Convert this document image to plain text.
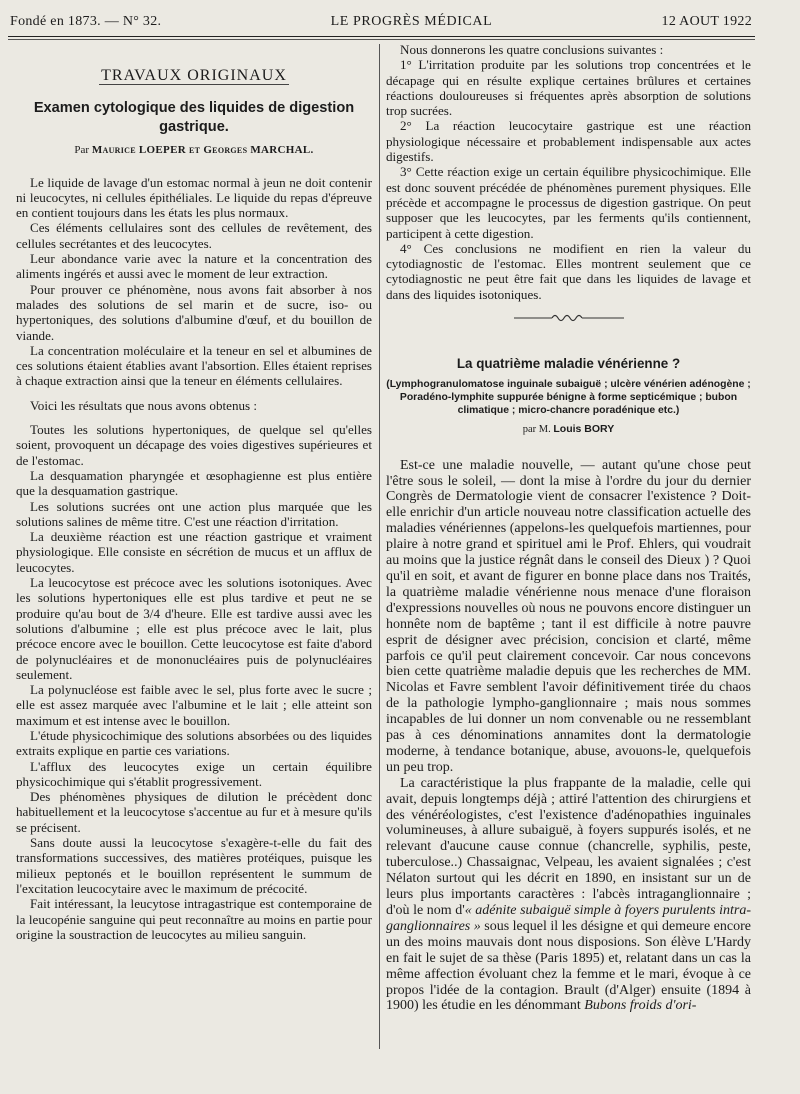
Fondé en 1873. — N° 32.	LE PROGRÈS MÉDICAL	12 AOUT 1922
TRAVAUX ORIGINAUX
Examen cytologique des liquides de digestion gastrique.
Par Maurice LOEPER et Georges MARCHAL.

Le liquide de lavage d'un estomac normal à jeun ne doit contenir ni leucocytes, ni cellules épithéliales. Le liquide du repas d'épreuve en contient toujours dans les états les plus normaux.

Ces éléments cellulaires sont des cellules de revêtement, des cellules secrétantes et des leucocytes.

Leur abondance varie avec la nature et la concentration des aliments ingérés et aussi avec le moment de leur extraction.

Pour prouver ce phénomène, nous avons fait absorber à nos malades des solutions de sel marin et de sucre, iso- ou hypertoniques, des solutions d'albumine d'œuf, et du bouillon de viande.

La concentration moléculaire et la teneur en sel et albumines de ces solutions étaient établies avant l'absortion. Elles étaient reprises à chaque extraction ainsi que la teneur en éléments cellulaires.

Voici les résultats que nous avons obtenus :

Toutes les solutions hypertoniques, de quelque sel qu'elles soient, provoquent un décapage des voies digestives supérieures et de l'estomac.

La desquamation pharyngée et œsophagienne est plus entière que la desquamation gastrique.

Les solutions sucrées ont une action plus marquée que les solutions salines de même titre. C'est une réaction d'irritation.

La deuxième réaction est une réaction gastrique et vraiment physiologique. Elle consiste en sécrétion de mucus et un afflux de leucocytes.

La leucocytose est précoce avec les solutions isotoniques. Avec les solutions hypertoniques elle est plus tardive et peut ne se produire qu'au bout de 3/4 d'heure. Elle est tardive aussi avec les solutions d'albumine ; elle est plus précoce avec le lait, plus précoce encore avec le bouillon. Cette leucocytose est faite d'abord de polynucléaires et de mononucléaires puis de polynucléaires seulement.

La polynucléose est faible avec le sel, plus forte avec le sucre ; elle est assez marquée avec l'albumine et le lait ; elle atteint son maximum et est intense avec le bouillon.

L'étude physicochimique des solutions absorbées ou des liquides extraits explique en partie ces variations.

L'afflux des leucocytes exige un certain équilibre physicochimique qui s'établit progressivement.

Des phénomènes physiques de dilution le précèdent donc habituellement et la leucocytose s'accentue au fur et à mesure qu'ils se précisent.

Sans doute aussi la leucocytose s'exagère-t-elle du fait des transformations successives, des matières protéiques, puisque les milieux peptonés et le bouillon représentent le summum de l'excitation leucocytaire avec le maximum de précocité.

Fait intéressant, la leucytose intragastrique est contemporaine de la leucopénie sanguine qui peut reconnaître au moins en partie pour origine la soustraction de leucocytes au milieu sanguin.

Nous donnerons les quatre conclusions suivantes :

1° L'irritation produite par les solutions trop concentrées et le décapage qui en résulte explique certaines brûlures et certaines réactions douloureuses si fréquentes après absorption de solutions trop sucrées.

2° La réaction leucocytaire gastrique est une réaction physiologique nécessaire et probablement indispensable aux actes digestifs.

3° Cette réaction exige un certain équilibre physicochimique. Elle est donc souvent précédée de phénomènes purement physiques. Elle précède et accompagne le processus de digestion gastrique. On peut supposer que les leucocytes, par les ferments qu'ils contiennent, participent à cette digestion.

4° Ces conclusions ne modifient en rien la valeur du cytodiagnostic de l'estomac. Elles montrent seulement que ce cytodiagnostic ne peut être fait que dans les liquides de lavage et dans des liquides isotoniques.

La quatrième maladie vénérienne ?
(Lymphogranulomatose inguinale subaiguë ; ulcère vénérien adénogène ; Poradéno-lymphite suppurée bénigne à forme septicémique ; bubon climatique ; micro-chancre poradénique etc.)
par M. Louis BORY

Est-ce une maladie nouvelle, — autant qu'une chose peut l'être sous le soleil, — dont la mise à l'ordre du jour du dernier Congrès de Dermatologie vient de consacrer l'existence ? Doit-elle enrichir d'un article nouveau notre classification actuelle des maladies vénériennes (appelons-les quelquefois martiennes, pour plaire à notre grand et spirituel ami le Prof. Ehlers, qui voudrait au moins que la justice régnât dans le conseil des Dieux ) ? Quoi qu'il en soit, et avant de figurer en bonne place dans nos Traités, la quatrième maladie vénérienne nous menace d'une floraison d'expressions nouvelles où nous ne pouvons encore distinguer un honnête nom de baptême ; tant il est difficile à notre pauvre esprit de désigner avec précision, concision et clarté, même parfois ce qu'il peut clairement concevoir. Car nous concevons bien cette quatrième maladie depuis que les recherches de MM. Nicolas et Favre semblent l'avoir définitivement tirée du chaos de la pathologie lympho-ganglionnaire ; mais nous sommes incapables de lui donner un nom convenable ou ne ressemblant pas à ces dénominations annamites dont la dermatologie moderne, à tendance botanique, abuse, avouons-le, quelquefois un peu trop.

La caractéristique la plus frappante de la maladie, celle qui avait, depuis longtemps déjà ; attiré l'attention des chirurgiens et des vénéréologistes, c'est l'existence d'adénopathies inguinales volumineuses, à allure subaiguë, à foyers suppurés isolés, et ne relevant d'aucune cause connue (chancrelle, syphilis, peste, tuberculose..) Chassaignac, Velpeau, les avaient signalées ; c'est Nélaton surtout qui les décrit en 1890, en insistant sur un de leurs plus importants caractères : l'abcès intraganglionnaire ; d'où le nom d'« adénite subaiguë simple à foyers purulents intra-ganglionnaires » sous lequel il les désigne et qui demeure encore un des moins mauvais dont nous disposions. Son élève L'Hardy en fait le sujet de sa thèse (Paris 1895) et, relatant dans un cas la même affection évoluant chez la femme et le mari, évoque à ce propos l'idée de la contagion. Brault (d'Alger) ensuite (1894 à 1900) les étudie en les dénommant Bubons froids d'ori-
